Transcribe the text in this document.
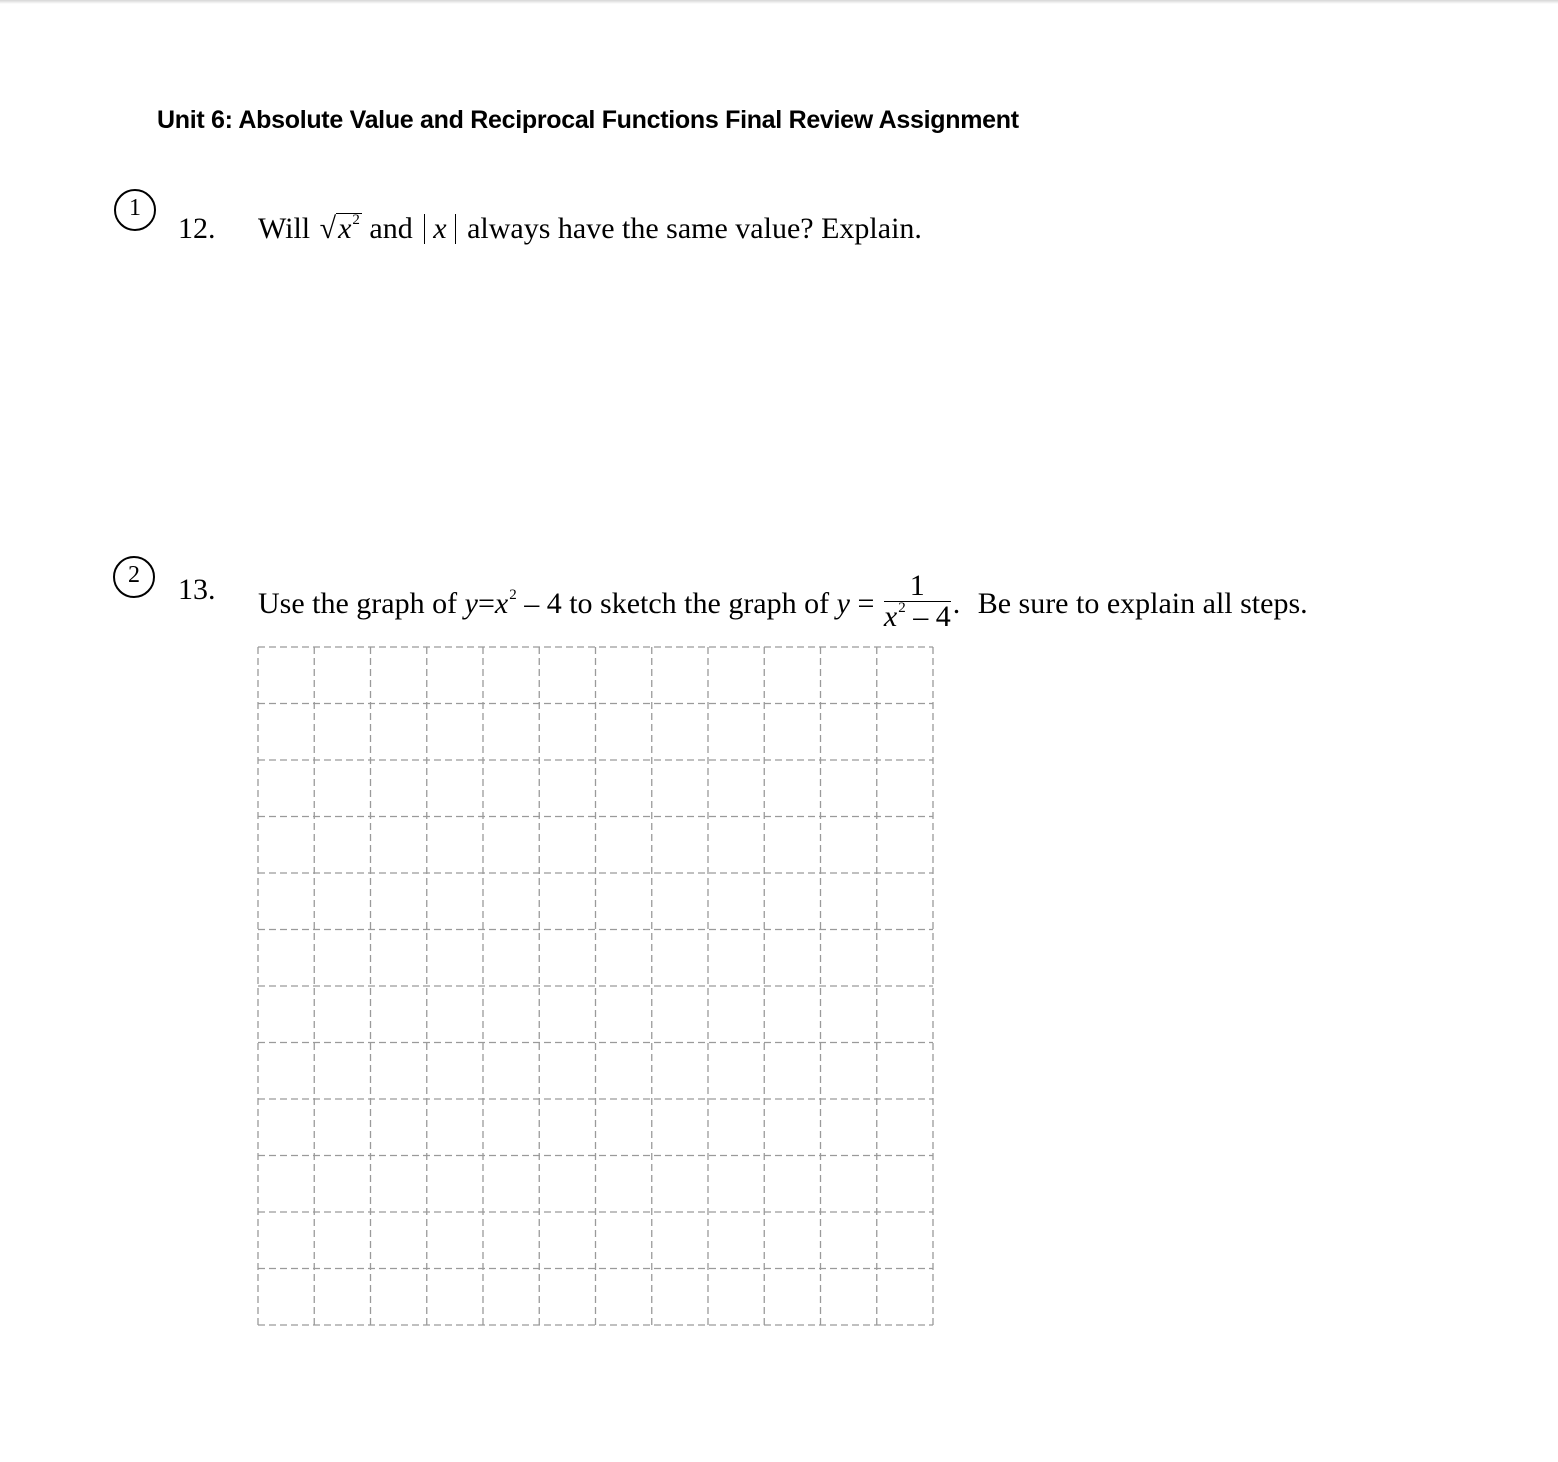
Unit 6: Absolute Value and Reciprocal Functions Final Review Assignment
1
12. Will $√x^2$ and x always have the same value? Explain.
2	13. Use the graph of $y=x^2 - 4$ to sketch the graph of $y = \frac{1}{x^2 - 4}$ . Be sure to explain all steps.
